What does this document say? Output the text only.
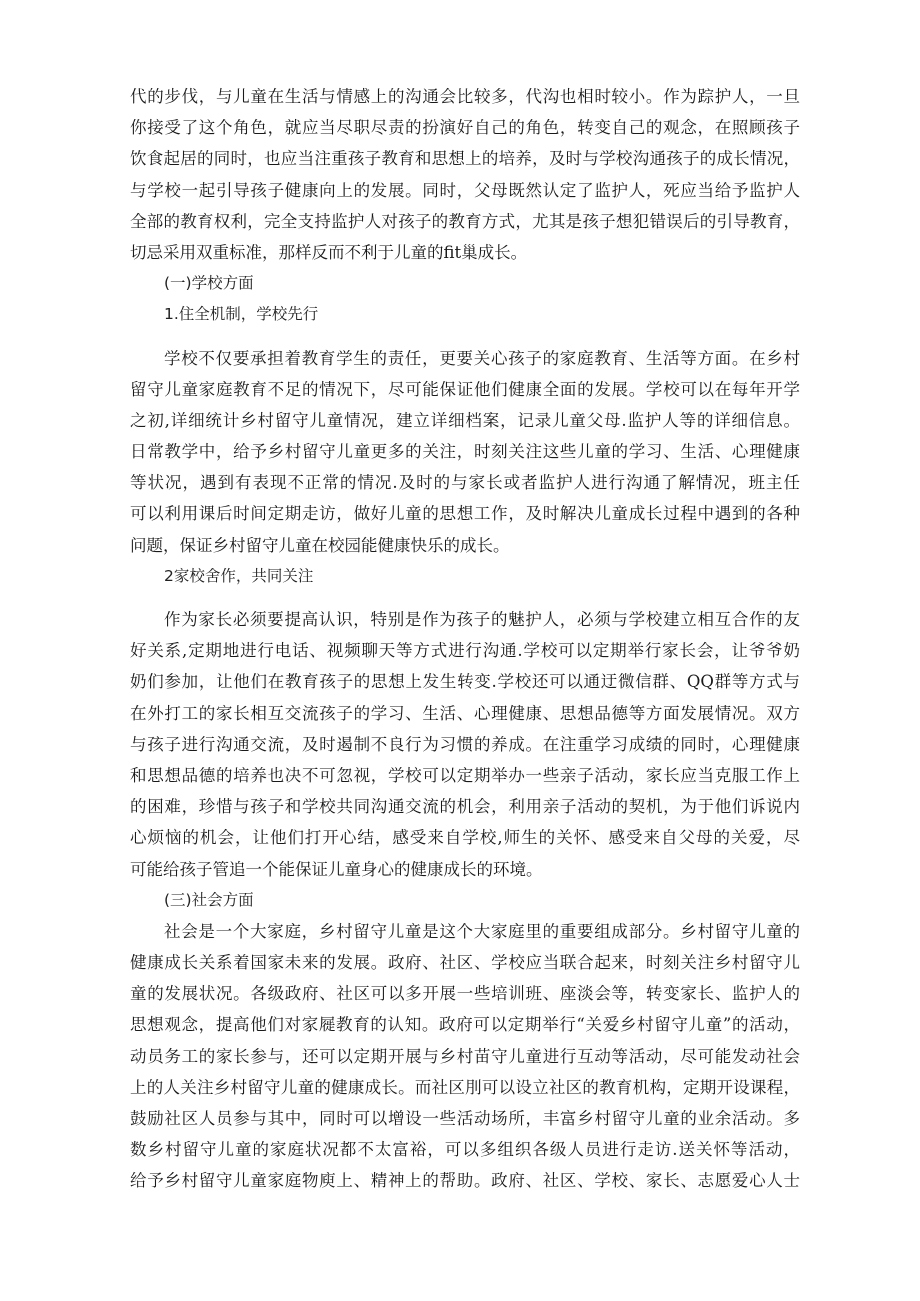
代的步伐，与儿童在生活与情感上的沟通会比较多，代沟也相时较小。作为踪护人，一旦
你接受了这个角色，就应当尽职尽责的扮演好自己的角色，转变自己的观念，在照顾孩子
饮食起居的同时，也应当注重孩子教育和思想上的培养，及时与学校沟通孩子的成长情况，
与学校一起引导孩子健康向上的发展。同时，父母既然认定了监护人，死应当给予监护人
全部的教育权利，完全支持监护人对孩子的教育方式，尤其是孩子想犯错误后的引导教育，
切忌采用双重标准，那样反而不利于儿童的fit巢成长。
(一)学校方面
1.住全机制，学校先行
学校不仅要承担着教育学生的责任，更要关心孩子的家庭教育、生活等方面。在乡村
留守儿童家庭教育不足的情况下，尽可能保证他们健康全面的发展。学校可以在每年开学
之初,详细统计乡村留守儿童情况，建立详细档案，记录儿童父母.监护人等的详细信息。
日常教学中，给予乡村留守儿童更多的关注，时刻关注这些儿童的学习、生活、心理健康
等状况，遇到有表现不正常的情况.及时的与家长或者监护人进行沟通了解情况，班主任
可以利用课后时间定期走访，做好儿童的思想工作，及时解决儿童成长过程中遇到的各种
问题，保证乡村留守儿童在校园能健康快乐的成长。
2家校舍作，共同关注
作为家长必须要提高认识，特别是作为孩子的魅护人，必须与学校建立相互合作的友
好关系,定期地进行电话、视频聊天等方式进行沟通.学校可以定期举行家长会，让爷爷奶
奶们参加，让他们在教育孩子的思想上发生转变.学校还可以通迂微信群、QQ群等方式与
在外打工的家长相互交流孩子的学习、生活、心理健康、思想品德等方面发展情况。双方
与孩子进行沟通交流，及时遏制不良行为习惯的养成。在注重学习成绩的同时，心理健康
和思想品德的培养也决不可忽视，学校可以定期举办一些亲子活动，家长应当克服工作上
的困难，珍惜与孩子和学校共同沟通交流的机会，利用亲子活动的契机，为于他们诉说内
心烦恼的机会，让他们打开心结，感受来自学校,师生的关怀、感受来自父母的关爱，尽
可能给孩子管追一个能保证儿童身心的健康成长的环境。
(三)社会方面
社会是一个大家庭，乡村留守儿童是这个大家庭里的重要组成部分。乡村留守儿童的
健康成长关系着国家未来的发展。政府、社区、学校应当联合起来，时刻关注乡村留守儿
童的发展状况。各级政府、社区可以多开展一些培训班、座淡会等，转变家长、监护人的
思想观念，提高他们对家屣教育的认知。政府可以定期举行“关爱乡村留守儿童”的活动，
动员务工的家长参与，还可以定期开展与乡村苗守儿童进行互动等活动，尽可能发动社会
上的人关注乡村留守儿童的健康成长。而社区刖可以设立社区的教育机构，定期开设课程，
鼓励社区人员参与其中，同时可以增设一些活动场所，丰富乡村留守儿童的业余活动。多
数乡村留守儿童的家庭状况都不太富裕，可以多组织各级人员进行走访.送关怀等活动，
给予乡村留守儿童家庭物庾上、精神上的帮助。政府、社区、学校、家长、志愿爱心人士
